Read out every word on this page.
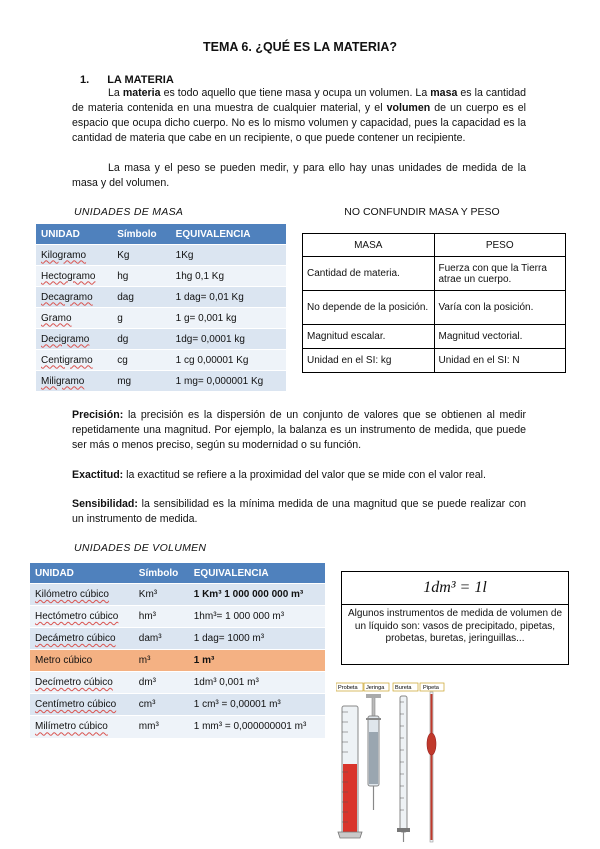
TEMA 6. ¿QUÉ ES LA MATERIA?
1. LA MATERIA
La materia es todo aquello que tiene masa y ocupa un volumen. La masa es la cantidad de materia contenida en una muestra de cualquier material, y el volumen de un cuerpo es el espacio que ocupa dicho cuerpo. No es lo mismo volumen y capacidad, pues la capacidad es la cantidad de materia que cabe en un recipiente, o que puede contener un recipiente.
La masa y el peso se pueden medir, y para ello hay unas unidades de medida de la masa y del volumen.
UNIDADES DE MASA
UNIDAD	Símbolo	EQUIVALENCIA
Kilogramo	Kg	1Kg
Hectogramo	hg	1hg 0,1 Kg
Decagramo	dag	1 dag= 0,01 Kg
Gramo	g	1 g= 0,001 kg
Decigramo	dg	1dg= 0,0001 kg
Centigramo	cg	1 cg 0,00001 Kg
Miligramo	mg	1 mg= 0,000001 Kg
NO CONFUNDIR MASA Y PESO
MASA	PESO
Cantidad de materia.	Fuerza con que la Tierra atrae un cuerpo.
No depende de la posición.	Varía con la posición.
Magnitud escalar.	Magnitud vectorial.
Unidad en el SI: kg	Unidad en el SI: N
Precisión: la precisión es la dispersión de un conjunto de valores que se obtienen al medir repetidamente una magnitud. Por ejemplo, la balanza es un instrumento de medida, que puede ser más o menos preciso, según su modernidad o su función.
Exactitud: la exactitud se refiere a la proximidad del valor que se mide con el valor real.
Sensibilidad: la sensibilidad es la mínima medida de una magnitud que se puede realizar con un instrumento de medida.
UNIDADES DE VOLUMEN
UNIDAD	Símbolo	EQUIVALENCIA
Kilómetro cúbico	Km³	1 Km³ 1 000 000 000 m³
Hectómetro cúbico	hm³	1hm³= 1 000 000 m³
Decámetro cúbico	dam³	1 dag= 1000 m³
Metro cúbico	m³	1 m³
Decímetro cúbico	dm³	1dm³ 0,001 m³
Centímetro cúbico	cm³	1 cm³ = 0,00001 m³
Milímetro cúbico	mm³	1 mm³ = 0,000000001 m³
1dm³ = 1l
Algunos instrumentos de medida de volumen de un líquido son: vasos de precipitado, pipetas, probetas, buretas, jeringuillas...
Probeta Jeringa Bureta Pipeta
